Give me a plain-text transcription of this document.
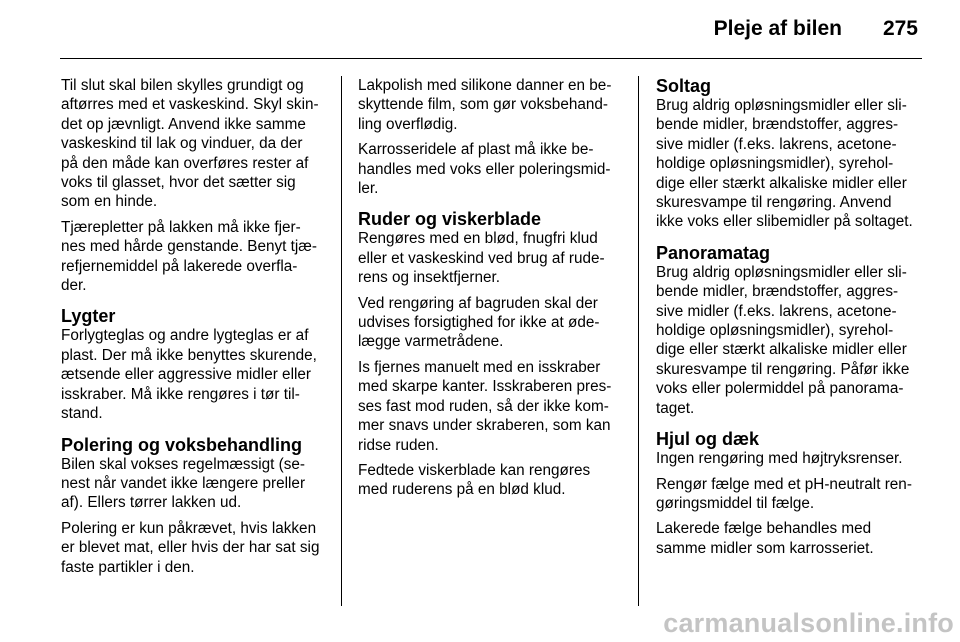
Pleje af bilen 275

Til slut skal bilen skylles grundigt og
aftørres med et vaskeskind. Skyl skin-
det op jævnligt. Anvend ikke samme
vaskeskind til lak og vinduer, da der
på den måde kan overføres rester af
voks til glasset, hvor det sætter sig
som en hinde.

Tjærepletter på lakken må ikke fjer-
nes med hårde genstande. Benyt tjæ-
refjernemiddel på lakerede overfla-
der.

Lygter

Forlygteglas og andre lygteglas er af
plast. Der må ikke benyttes skurende,
ætsende eller aggressive midler eller
isskraber. Må ikke rengøres i tør til-
stand.

Polering og voksbehandling

Bilen skal vokses regelmæssigt (se-
nest når vandet ikke længere preller
af). Ellers tørrer lakken ud.

Polering er kun påkrævet, hvis lakken
er blevet mat, eller hvis der har sat sig
faste partikler i den.

Lakpolish med silikone danner en be-
skyttende film, som gør voksbehand-
ling overflødig.

Karrosseridele af plast må ikke be-
handles med voks eller poleringsmid-
ler.

Ruder og viskerblade

Rengøres med en blød, fnugfri klud
eller et vaskeskind ved brug af rude-
rens og insektfjerner.

Ved rengøring af bagruden skal der
udvises forsigtighed for ikke at øde-
lægge varmetrådene.

Is fjernes manuelt med en isskraber
med skarpe kanter. Isskraberen pres-
ses fast mod ruden, så der ikke kom-
mer snavs under skraberen, som kan
ridse ruden.

Fedtede viskerblade kan rengøres
med ruderens på en blød klud.

Soltag

Brug aldrig opløsningsmidler eller sli-
bende midler, brændstoffer, aggres-
sive midler (f.eks. lakrens, acetone-
holdige opløsningsmidler), syrehol-
dige eller stærkt alkaliske midler eller
skuresvampe til rengøring. Anvend
ikke voks eller slibemidler på soltaget.

Panoramatag

Brug aldrig opløsningsmidler eller sli-
bende midler, brændstoffer, aggres-
sive midler (f.eks. lakrens, acetone-
holdige opløsningsmidler), syrehol-
dige eller stærkt alkaliske midler eller
skuresvampe til rengøring. Påfør ikke
voks eller polermiddel på panorama-
taget.

Hjul og dæk

Ingen rengøring med højtryksrenser.

Rengør fælge med et pH-neutralt ren-
gøringsmiddel til fælge.

Lakerede fælge behandles med
samme midler som karrosseriet.

carmanualsonline.info
